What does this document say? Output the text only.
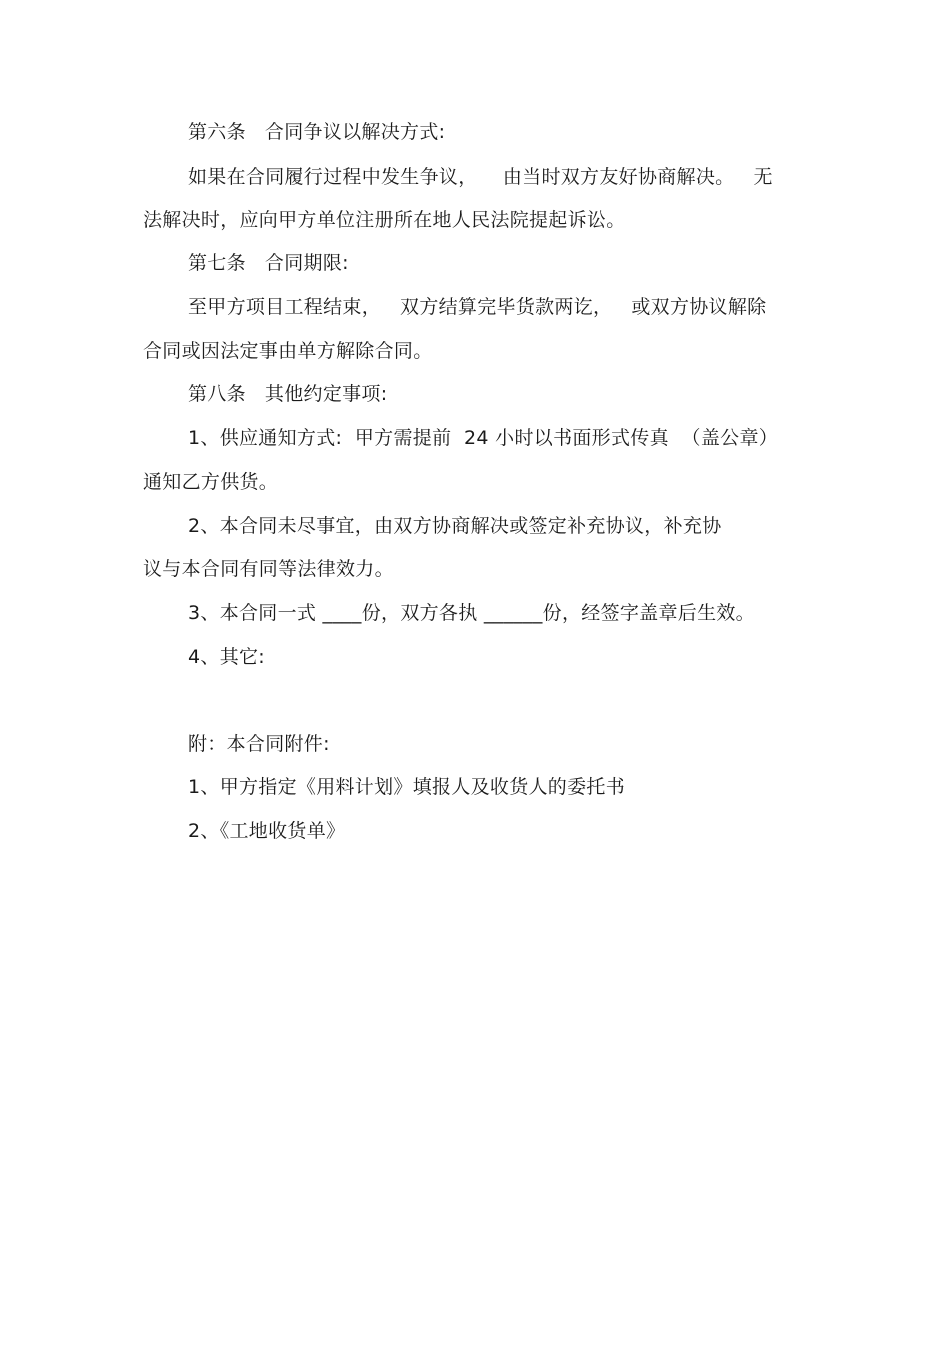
第六条   合同争议以解决方式:
如果在合同履行过程中发生争议，    由当时双方友好协商解决。   无
法解决时，应向甲方单位注册所在地人民法院提起诉讼。
第七条   合同期限:
至甲方项目工程结束，   双方结算完毕货款两讫，   或双方协议解除
合同或因法定事由单方解除合同。
第八条   其他约定事项:
1、供应通知方式:  甲方需提前  24 小时以书面形式传真  （盖公章）
通知乙方供货。
2、本合同未尽事宜，由双方协商解决或签定补充协议，补充协
议与本合同有同等法律效力。
3、本合同一式 ____份，双方各执 ______份，经签字盖章后生效。
4、其它:
附：本合同附件:
1、甲方指定《用料计划》填报人及收货人的委托书
2、《工地收货单》
